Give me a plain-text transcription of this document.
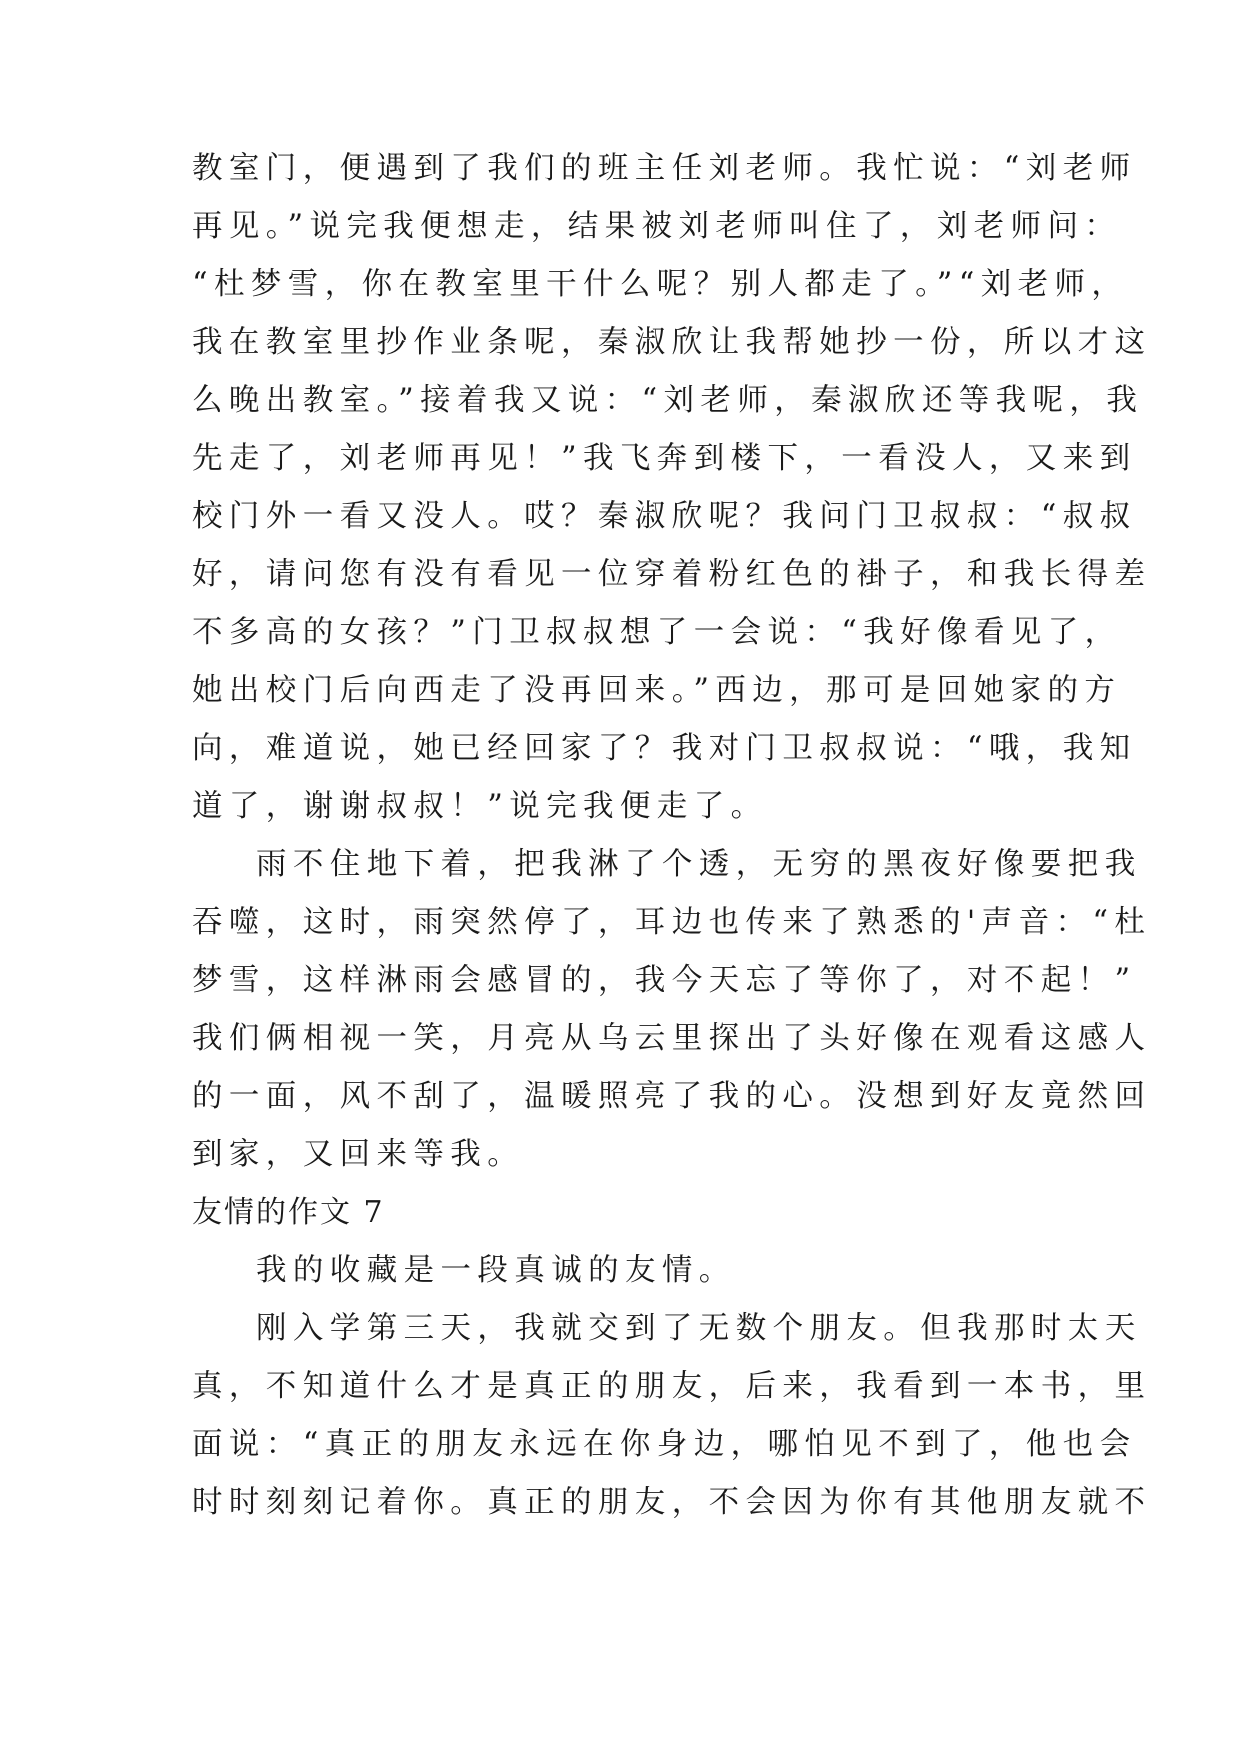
教室门，便遇到了我们的班主任刘老师。我忙说：“刘老师
再见。”说完我便想走，结果被刘老师叫住了，刘老师问：
“杜梦雪，你在教室里干什么呢？别人都走了。”“刘老师，
我在教室里抄作业条呢，秦淑欣让我帮她抄一份，所以才这
么晚出教室。”接着我又说：“刘老师，秦淑欣还等我呢，我
先走了，刘老师再见！”我飞奔到楼下，一看没人，又来到
校门外一看又没人。哎？秦淑欣呢？我问门卫叔叔：“叔叔
好，请问您有没有看见一位穿着粉红色的褂子，和我长得差
不多高的女孩？”门卫叔叔想了一会说：“我好像看见了，
她出校门后向西走了没再回来。”西边，那可是回她家的方
向，难道说，她已经回家了？我对门卫叔叔说：“哦，我知
道了，谢谢叔叔！”说完我便走了。
雨不住地下着，把我淋了个透，无穷的黑夜好像要把我
吞噬，这时，雨突然停了，耳边也传来了熟悉的'声音：“杜
梦雪，这样淋雨会感冒的，我今天忘了等你了，对不起！”
我们俩相视一笑，月亮从乌云里探出了头好像在观看这感人
的一面，风不刮了，温暖照亮了我的心。没想到好友竟然回
到家，又回来等我。
友情的作文 7
我的收藏是一段真诚的友情。
刚入学第三天，我就交到了无数个朋友。但我那时太天
真，不知道什么才是真正的朋友，后来，我看到一本书，里
面说：“真正的朋友永远在你身边，哪怕见不到了，他也会
时时刻刻记着你。真正的朋友，不会因为你有其他朋友就不
